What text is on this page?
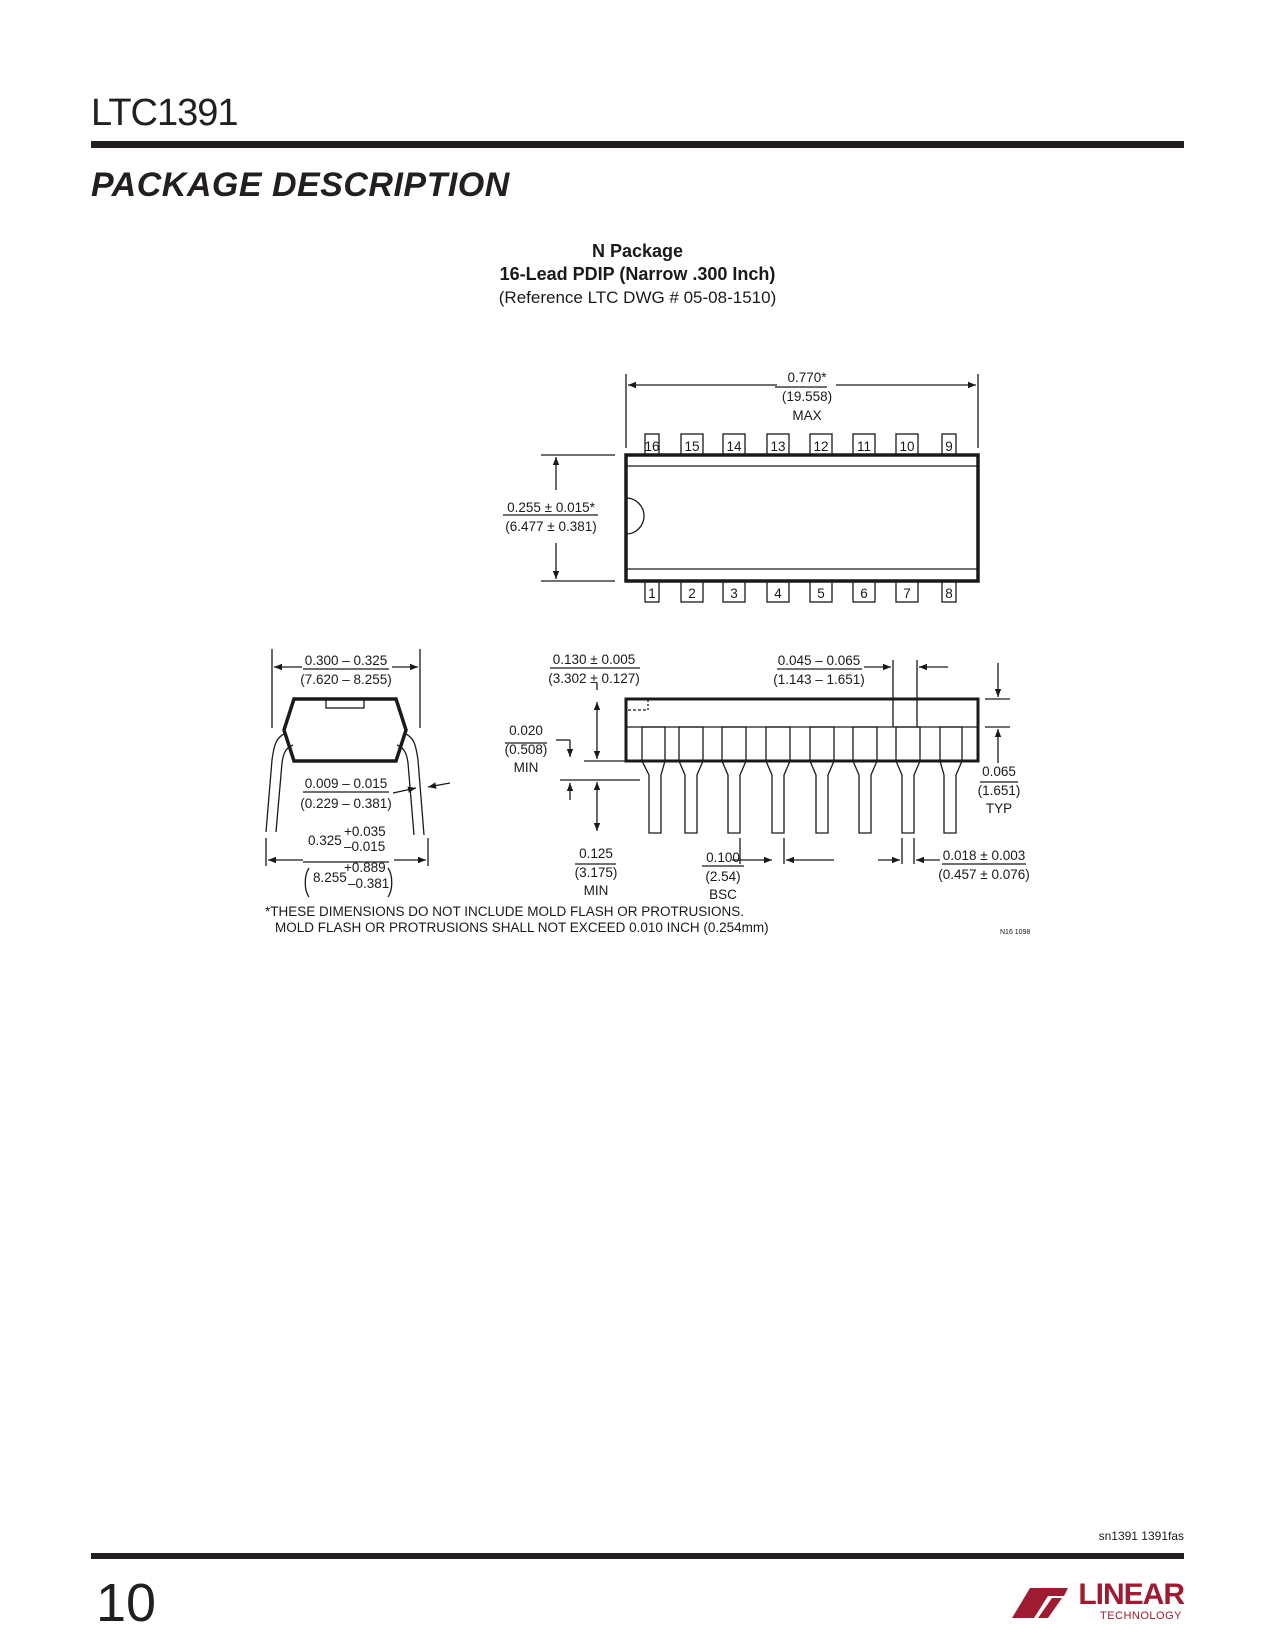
LTC1391
PACKAGE DESCRIPTION
N Package
16-Lead PDIP (Narrow .300 Inch)
(Reference LTC DWG # 05-08-1510)
16 15 14 13 12 11 10 9
1 2	3	4	5	6	7	8
0.770*
(19.558)
MAX
0.255 ± 0.015*
(6.477 ± 0.381)
0.300 – 0.325
(7.620 – 8.255)
0.009 – 0.015
(0.229 – 0.381)
0.130 ± 0.005
(3.302 ± 0.127)
0.045 – 0.065
(1.143 – 1.651)
0.020
(0.508)
MIN	0.065
(1.651)
TYP
0.125
(3.175)
MIN
0.100
(2.54)
BSC
0.018 ± 0.003
(0.457 ± 0.076)
0.325
+0.035
–0.015
8.255
+0.889
–0.381
*THESE DIMENSIONS DO NOT INCLUDE MOLD FLASH OR PROTRUSIONS.
MOLD FLASH OR PROTRUSIONS SHALL NOT EXCEED 0.010 INCH (0.254mm)	N16 1098
sn1391 1391fas
10	LINEAR
TECHNOLOGY
